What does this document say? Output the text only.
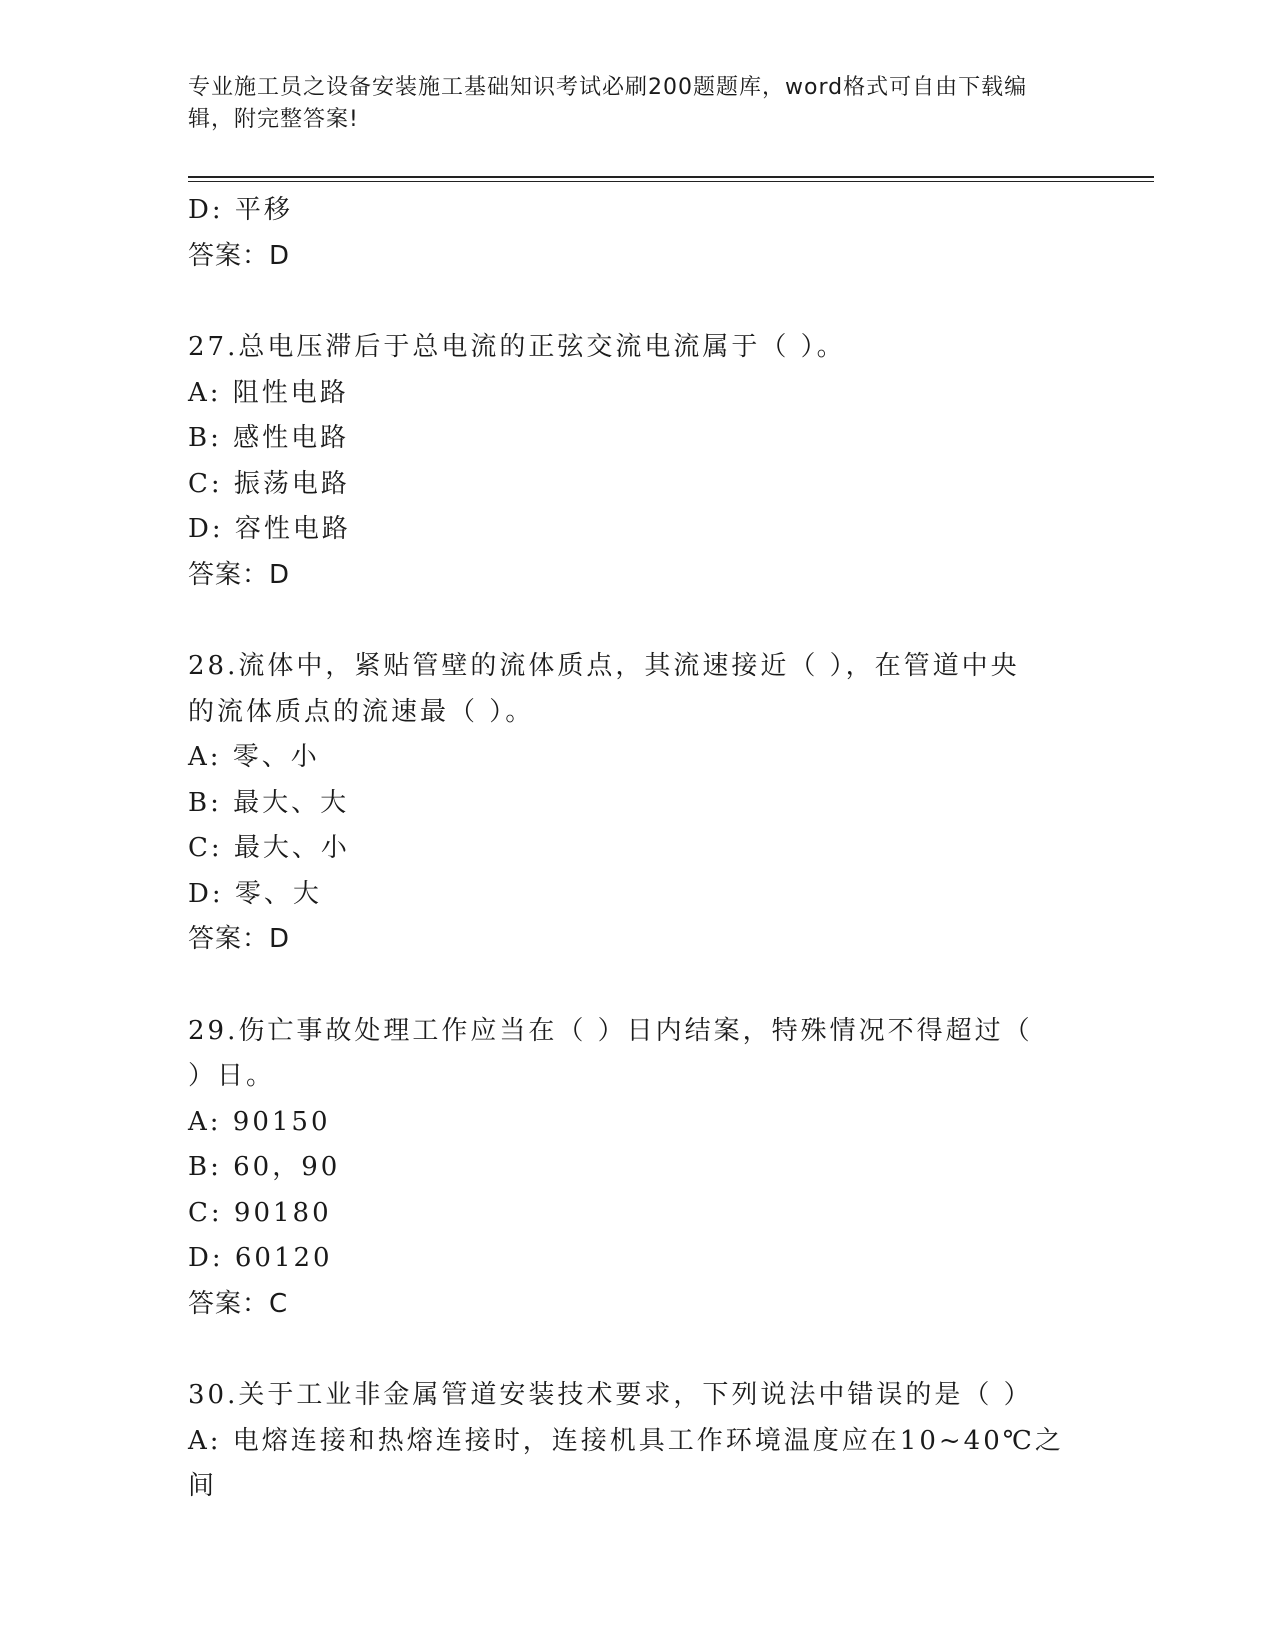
专业施工员之设备安装施工基础知识考试必刷200题题库，word格式可自由下载编辑，附完整答案!
D: 平移
答案：D
27.总电压滞后于总电流的正弦交流电流属于（ ）。
A: 阻性电路
B: 感性电路
C: 振荡电路
D: 容性电路
答案：D
28.流体中，紧贴管壁的流体质点，其流速接近（ ），在管道中央的流体质点的流速最（ ）。
A: 零、小
B: 最大、大
C: 最大、小
D: 零、大
答案：D
29.伤亡事故处理工作应当在（ ）日内结案，特殊情况不得超过（ ）日。
A: 90150
B: 60，90
C: 90180
D: 60120
答案：C
30.关于工业非金属管道安装技术要求，下列说法中错误的是（ ）
A: 电熔连接和热熔连接时，连接机具工作环境温度应在10~40℃之间
